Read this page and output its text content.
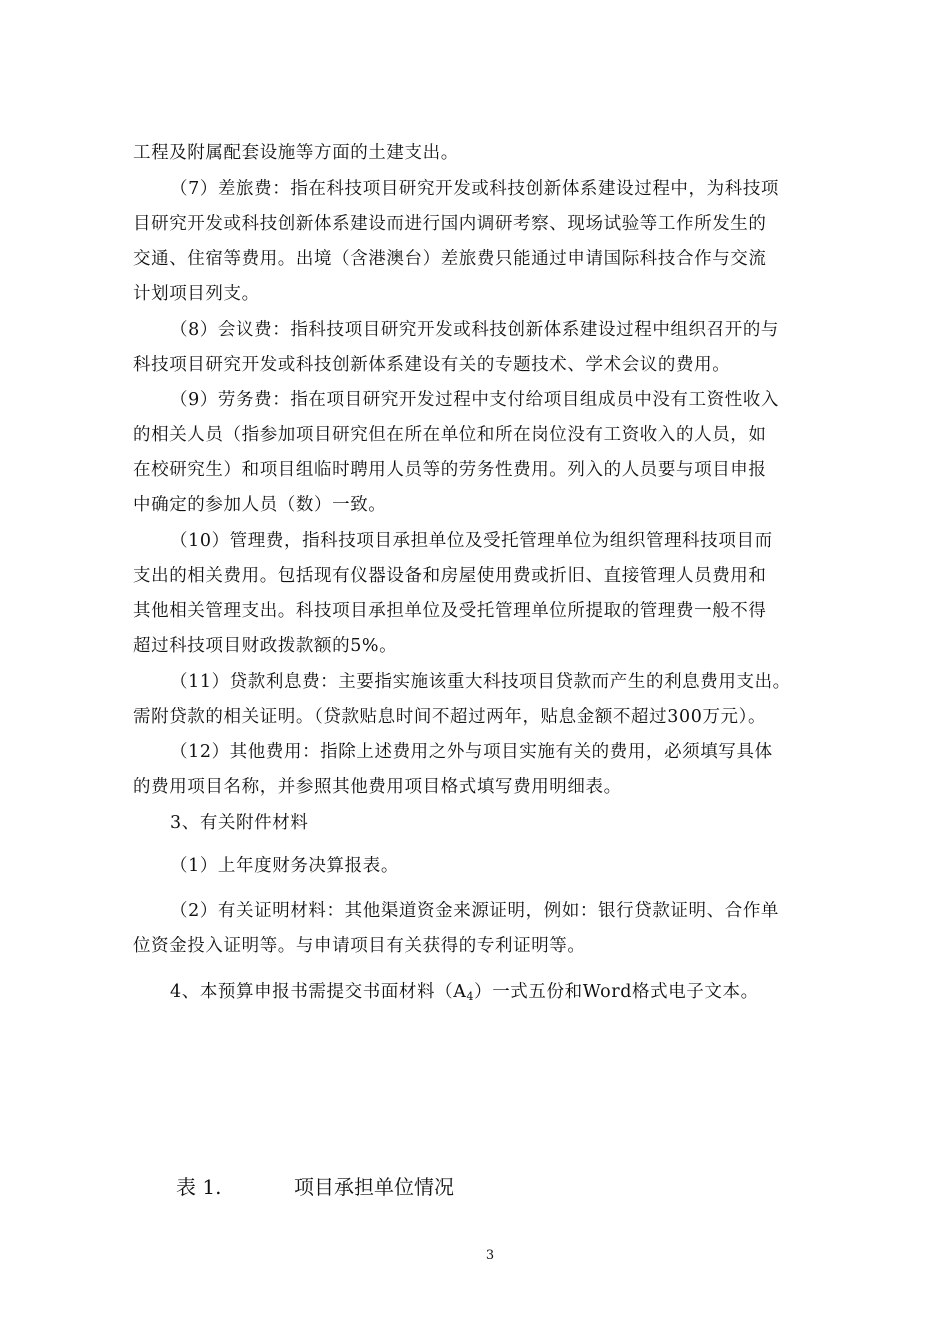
工程及附属配套设施等方面的土建支出。
（7）差旅费：指在科技项目研究开发或科技创新体系建设过程中，为科技项
目研究开发或科技创新体系建设而进行国内调研考察、现场试验等工作所发生的
交通、住宿等费用。出境（含港澳台）差旅费只能通过申请国际科技合作与交流
计划项目列支。
（8）会议费：指科技项目研究开发或科技创新体系建设过程中组织召开的与
科技项目研究开发或科技创新体系建设有关的专题技术、学术会议的费用。
（9）劳务费：指在项目研究开发过程中支付给项目组成员中没有工资性收入
的相关人员（指参加项目研究但在所在单位和所在岗位没有工资收入的人员，如
在校研究生）和项目组临时聘用人员等的劳务性费用。列入的人员要与项目申报
中确定的参加人员（数）一致。
（10）管理费，指科技项目承担单位及受托管理单位为组织管理科技项目而
支出的相关费用。包括现有仪器设备和房屋使用费或折旧、直接管理人员费用和
其他相关管理支出。科技项目承担单位及受托管理单位所提取的管理费一般不得
超过科技项目财政拨款额的5%。
（11）贷款利息费：主要指实施该重大科技项目贷款而产生的利息费用支出。
需附贷款的相关证明。（贷款贴息时间不超过两年，贴息金额不超过300万元）。
（12）其他费用：指除上述费用之外与项目实施有关的费用，必须填写具体
的费用项目名称，并参照其他费用项目格式填写费用明细表。
3、有关附件材料
（1）上年度财务决算报表。
（2）有关证明材料：其他渠道资金来源证明，例如：银行贷款证明、合作单
位资金投入证明等。与申请项目有关获得的专利证明等。
4、本预算申报书需提交书面材料$(A_4)$一式五份和Word格式电子文本。
表 1.	项目承担单位情况
3
